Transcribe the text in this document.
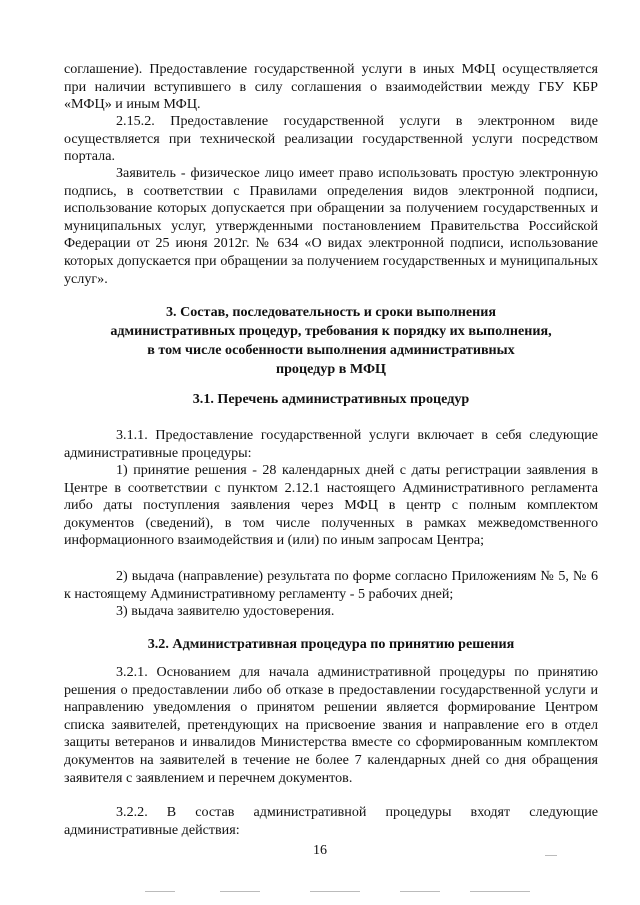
соглашение). Предоставление государственной услуги в иных МФЦ осуществляется при наличии вступившего в силу соглашения о взаимодействии между ГБУ КБР «МФЦ» и иным МФЦ.

2.15.2. Предоставление государственной услуги в электронном виде осуществляется при технической реализации государственной услуги посредством портала.

Заявитель - физическое лицо имеет право использовать простую электронную подпись, в соответствии с Правилами определения видов электронной подписи, использование которых допускается при обращении за получением государственных и муниципальных услуг, утвержденными постановлением Правительства Российской Федерации от 25 июня 2012г. № 634 «О видах электронной подписи, использование которых допускается при обращении за получением государственных и муниципальных услуг».

3. Состав, последовательность и сроки выполнения
административных процедур, требования к порядку их выполнения,
в том числе особенности выполнения административных
процедур в МФЦ
3.1. Перечень административных процедур

3.1.1. Предоставление государственной услуги включает в себя следующие административные процедуры:

1) принятие решения - 28 календарных дней с даты регистрации заявления в Центре в соответствии с пунктом 2.12.1 настоящего Административного регламента либо даты поступления заявления через МФЦ в центр с полным комплектом документов (сведений), в том числе полученных в рамках межведомственного информационного взаимодействия и (или) по иным запросам Центра;

2) выдача (направление) результата по форме согласно Приложениям № 5, № 6 к настоящему Административному регламенту - 5 рабочих дней;

3) выдача заявителю удостоверения.

3.2. Административная процедура по принятию решения

3.2.1. Основанием для начала административной процедуры по принятию решения о предоставлении либо об отказе в предоставлении государственной услуги и направлению уведомления о принятом решении является формирование Центром списка заявителей, претендующих на присвоение звания и направление его в отдел защиты ветеранов и инвалидов Министерства вместе со сформированным комплектом документов на заявителей в течение не более 7 календарных дней со дня обращения заявителя с заявлением и перечнем документов.

3.2.2. В состав административной процедуры входят следующие административные действия:

16
